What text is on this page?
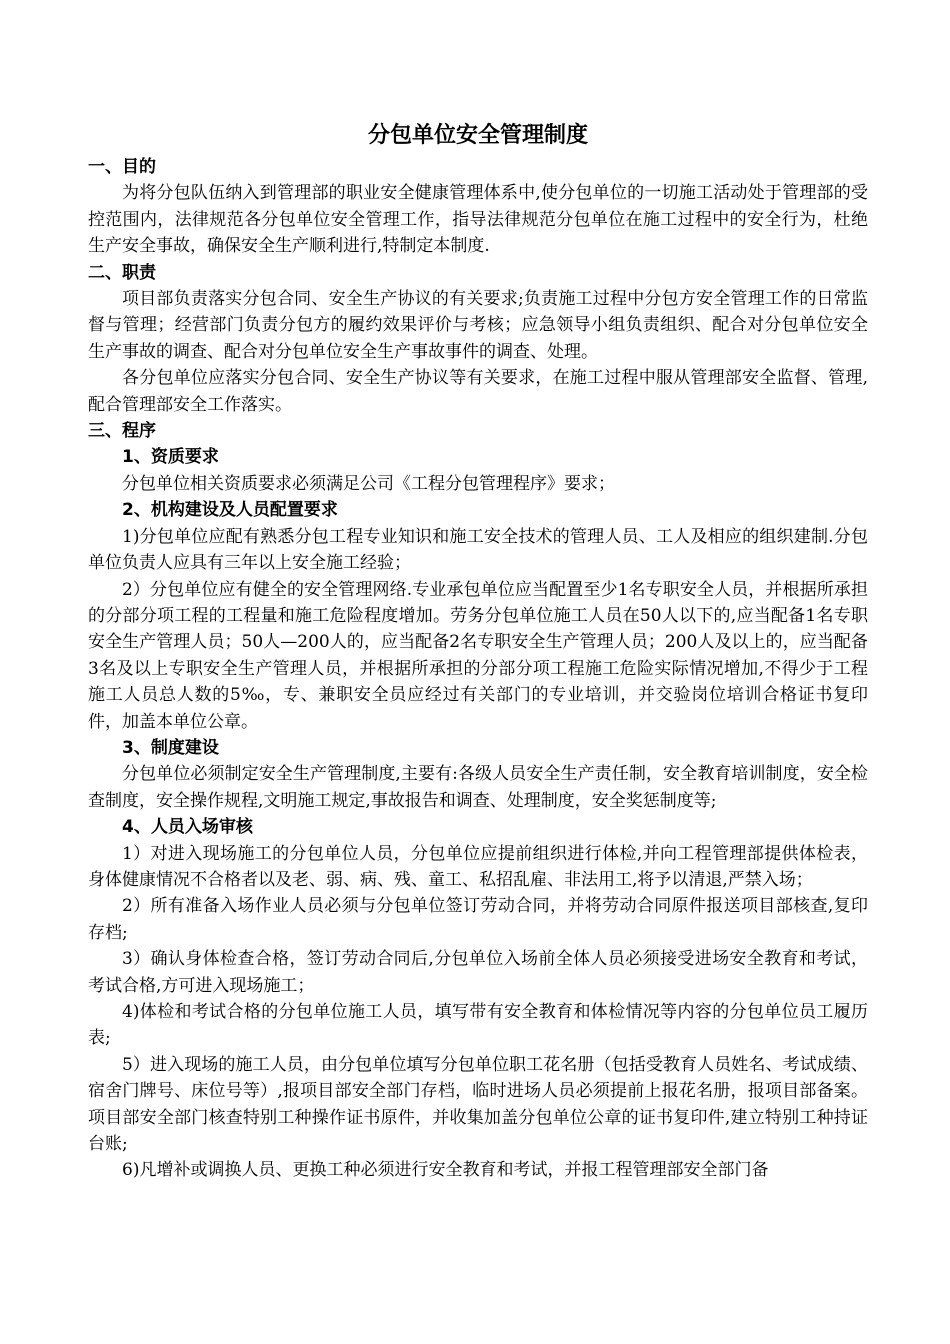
分包单位安全管理制度
一、目的
为将分包队伍纳入到管理部的职业安全健康管理体系中,使分包单位的一切施工活动处于管理部的受控范围内，法律规范各分包单位安全管理工作，指导法律规范分包单位在施工过程中的安全行为，杜绝生产安全事故，确保安全生产顺利进行,特制定本制度.
二、职责
项目部负责落实分包合同、安全生产协议的有关要求;负责施工过程中分包方安全管理工作的日常监督与管理；经营部门负责分包方的履约效果评价与考核；应急领导小组负责组织、配合对分包单位安全生产事故的调查、配合对分包单位安全生产事故事件的调查、处理。
各分包单位应落实分包合同、安全生产协议等有关要求，在施工过程中服从管理部安全监督、管理,配合管理部安全工作落实。
三、程序
1、资质要求
分包单位相关资质要求必须满足公司《工程分包管理程序》要求；
2、机构建设及人员配置要求
1)分包单位应配有熟悉分包工程专业知识和施工安全技术的管理人员、工人及相应的组织建制.分包单位负责人应具有三年以上安全施工经验；
2）分包单位应有健全的安全管理网络.专业承包单位应当配置至少1名专职安全人员，并根据所承担的分部分项工程的工程量和施工危险程度增加。劳务分包单位施工人员在50人以下的,应当配备1名专职安全生产管理人员；50人—200人的，应当配备2名专职安全生产管理人员；200人及以上的，应当配备3名及以上专职安全生产管理人员，并根据所承担的分部分项工程施工危险实际情况增加,不得少于工程施工人员总人数的5‰，专、兼职安全员应经过有关部门的专业培训，并交验岗位培训合格证书复印件，加盖本单位公章。
3、制度建设
分包单位必须制定安全生产管理制度,主要有:各级人员安全生产责任制，安全教育培训制度，安全检查制度，安全操作规程,文明施工规定,事故报告和调查、处理制度，安全奖惩制度等;
4、人员入场审核
1）对进入现场施工的分包单位人员，分包单位应提前组织进行体检,并向工程管理部提供体检表，身体健康情况不合格者以及老、弱、病、残、童工、私招乱雇、非法用工,将予以清退,严禁入场；
2）所有准备入场作业人员必须与分包单位签订劳动合同，并将劳动合同原件报送项目部核查,复印存档;
3）确认身体检查合格，签订劳动合同后,分包单位入场前全体人员必须接受进场安全教育和考试，考试合格,方可进入现场施工；
4)体检和考试合格的分包单位施工人员，填写带有安全教育和体检情况等内容的分包单位员工履历表;
5）进入现场的施工人员，由分包单位填写分包单位职工花名册（包括受教育人员姓名、考试成绩、宿舍门牌号、床位号等）,报项目部安全部门存档，临时进场人员必须提前上报花名册，报项目部备案。项目部安全部门核查特别工种操作证书原件，并收集加盖分包单位公章的证书复印件,建立特别工种持证台账;
6)凡增补或调换人员、更换工种必须进行安全教育和考试，并报工程管理部安全部门备
